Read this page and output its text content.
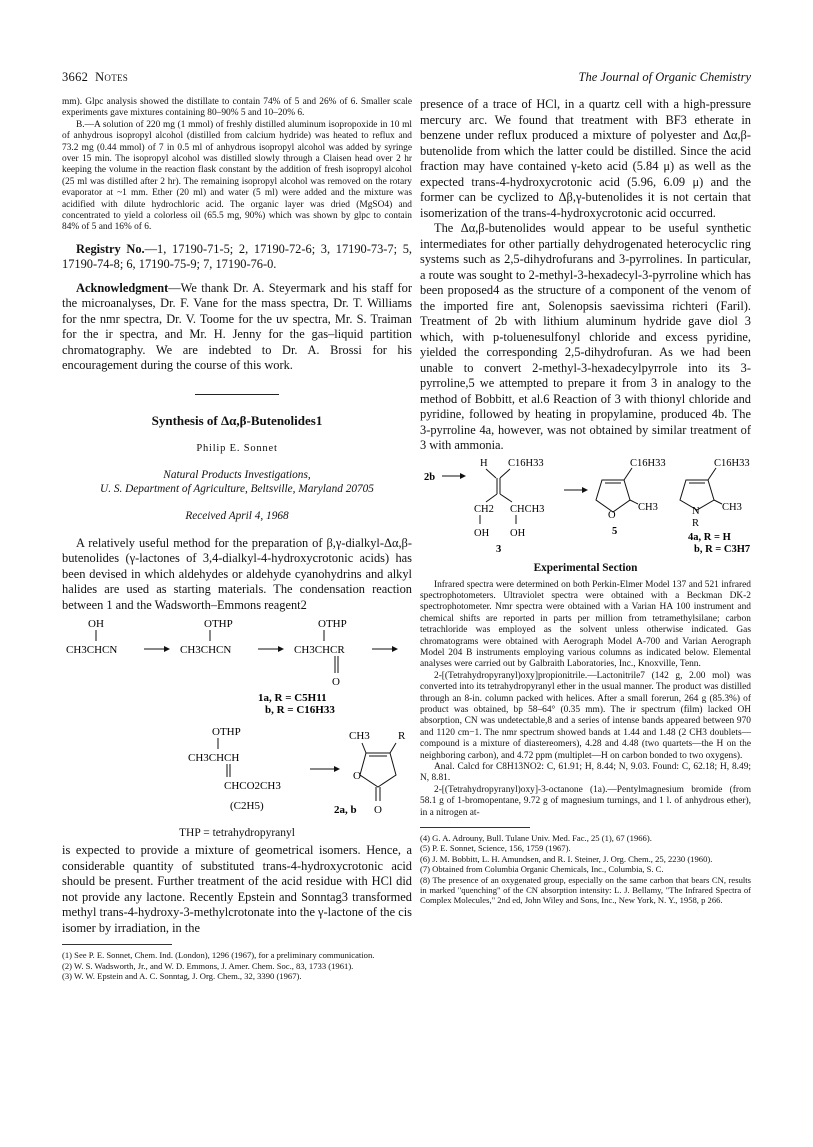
3662 Notes	The Journal of Organic Chemistry

mm). Glpc analysis showed the distillate to contain 74% of 5 and 26% of 6. Smaller scale experiments gave mixtures containing 80–90% 5 and 10–20% 6.

B.—A solution of 220 mg (1 mmol) of freshly distilled aluminum isopropoxide in 10 ml of anhydrous isopropyl alcohol (distilled from calcium hydride) was heated to reflux and 73.2 mg (0.44 mmol) of 7 in 0.5 ml of anhydrous isopropyl alcohol was added by syringe over 15 min. The isopropyl alcohol was distilled slowly through a Claisen head over 2 hr keeping the volume in the reaction flask constant by the addition of fresh isopropyl alcohol (25 ml was distilled after 2 hr). The remaining isopropyl alcohol was removed on the rotary evaporator at ~1 mm. Ether (20 ml) and water (5 ml) were added and the mixture was acidified with dilute hydrochloric acid. The organic layer was dried (MgSO4) and concentrated to yield a colorless oil (65.5 mg, 90%) which was shown by glpc to contain 84% of 5 and 16% of 6.

Registry No.—1, 17190-71-5; 2, 17190-72-6; 3, 17190-73-7; 5, 17190-74-8; 6, 17190-75-9; 7, 17190-76-0.

Acknowledgment—We thank Dr. A. Steyermark and his staff for the microanalyses, Dr. F. Vane for the mass spectra, Dr. T. Williams for the nmr spectra, Dr. V. Toome for the uv spectra, Mr. S. Traiman for the ir spectra, and Mr. H. Jenny for the gas–liquid partition chromatography. We are indebted to Dr. A. Brossi for his encouragement during the course of this work.

Synthesis of Δα,β-Butenolides1
Philip E. Sonnet
Natural Products Investigations,
U. S. Department of Agriculture, Beltsville, Maryland 20705
Received April 4, 1968

A relatively useful method for the preparation of β,γ-dialkyl-Δα,β-butenolides (γ-lactones of 3,4-dialkyl-4-hydroxycrotonic acids) has been devised in which aldehydes or aldehyde cyanohydrins and alkyl halides are used as starting materials. The condensation reaction between 1 and the Wadsworth–Emmons reagent2

OH
CH3CHCN
OTHP
CH3CHCN
OTHP
CH3CHCR
O
1a, R = C5H11
b, R = C16H33
OTHP
CH3CHCH
CHCO2CH3
(C2H5)
CH3	R
O
O
2a, b
THP = tetrahydropyranyl

is expected to provide a mixture of geometrical isomers. Hence, a considerable quantity of substituted trans-4-hydroxycrotonic acid should be present. Further treatment of the acid residue with HCl did not provide any lactone. Recently Epstein and Sonntag3 transformed methyl trans-4-hydroxy-3-methylcrotonate into the γ-lactone of the cis isomer by irradiation, in the

(1) See P. E. Sonnet, Chem. Ind. (London), 1296 (1967), for a preliminary communication.

(2) W. S. Wadsworth, Jr., and W. D. Emmons, J. Amer. Chem. Soc., 83, 1733 (1961).

(3) W. W. Epstein and A. C. Sonntag, J. Org. Chem., 32, 3390 (1967).

presence of a trace of HCl, in a quartz cell with a high-pressure mercury arc. We found that treatment with BF3 etherate in benzene under reflux produced a mixture of polyester and Δα,β-butenolide from which the latter could be distilled. Since the acid fraction may have contained γ-keto acid (5.84 μ) as well as the expected trans-4-hydroxycrotonic acid (5.96, 6.09 μ) and the former can be cyclized to Δβ,γ-butenolides it is not certain that isomerization of the trans-4-hydroxycrotonic acid occurred.

The Δα,β-butenolides would appear to be useful synthetic intermediates for other partially dehydrogenated heterocyclic ring systems such as 2,5-dihydrofurans and 3-pyrrolines. In particular, a route was sought to 2-methyl-3-hexadecyl-3-pyrroline which has been proposed4 as the structure of a component of the venom of the imported fire ant, Solenopsis saevissima richteri (Faril). Treatment of 2b with lithium aluminum hydride gave diol 3 which, with p-toluenesulfonyl chloride and excess pyridine, yielded the corresponding 2,5-dihydrofuran. As we had been unable to convert 2-methyl-3-hexadecylpyrrole into its 3-pyrroline,5 we attempted to prepare it from 3 in analogy to the method of Bobbitt, et al.6 Reaction of 3 with thionyl chloride and pyridine, followed by heating in propylamine, produced 4b. The 3-pyrroline 4a, however, was not obtained by similar treatment of 3 with ammonia.

2b
H C16H33
CH2 CHCH3
OH OH
3
C16H33
O
CH3
5
C16H33
N
R
CH3
4a, R = H
b, R = C3H7
Experimental Section

Infrared spectra were determined on both Perkin-Elmer Model 137 and 521 infrared spectrophotometers. Ultraviolet spectra were obtained with a Beckman DK-2 spectrophotometer. Nmr spectra were obtained with a Varian HA 100 instrument and chemical shifts are reported in parts per million from tetramethylsilane; carbon tetrachloride was employed as the solvent unless otherwise indicated. Gas chromatograms were obtained with Aerograph Model A-700 and Varian Aerograph Model 204 B instruments employing various columns as indicated below. Elemental analyses were carried out by Galbraith Laboratories, Inc., Knoxville, Tenn.

2-[(Tetrahydropyranyl)oxy]propionitrile.—Lactonitrile7 (142 g, 2.00 mol) was converted into its tetrahydropyranyl ether in the usual manner. The product was distilled through an 8-in. column packed with helices. After a small forerun, 264 g (85.3%) of product was obtained, bp 58–64° (0.35 mm). The ir spectrum (film) lacked OH absorption, CN was undetectable,8 and a series of intense bands appeared between 970 and 1120 cm−1. The nmr spectrum showed bands at 1.44 and 1.48 (2 CH3 doublets—compound is a mixture of diastereomers), 4.28 and 4.48 (two quartets—the H on the neighboring carbon), and 4.72 ppm (multiplet—H on carbon bonded to two oxygens).

Anal. Calcd for C8H13NO2: C, 61.91; H, 8.44; N, 9.03. Found: C, 62.18; H, 8.49; N, 8.81.

2-[(Tetrahydropyranyl)oxy]-3-octanone (1a).—Pentylmagnesium bromide (from 58.1 g of 1-bromopentane, 9.72 g of magnesium turnings, and 1 l. of anhydrous ether), in a nitrogen at-

(4) G. A. Adrouny, Bull. Tulane Univ. Med. Fac., 25 (1), 67 (1966).

(5) P. E. Sonnet, Science, 156, 1759 (1967).

(6) J. M. Bobbitt, L. H. Amundsen, and R. I. Steiner, J. Org. Chem., 25, 2230 (1960).

(7) Obtained from Columbia Organic Chemicals, Inc., Columbia, S. C.

(8) The presence of an oxygenated group, especially on the same carbon that bears CN, results in marked "quenching" of the CN absorption intensity: L. J. Bellamy, "The Infrared Spectra of Complex Molecules," 2nd ed, John Wiley and Sons, Inc., New York, N. Y., 1958, p 266.
